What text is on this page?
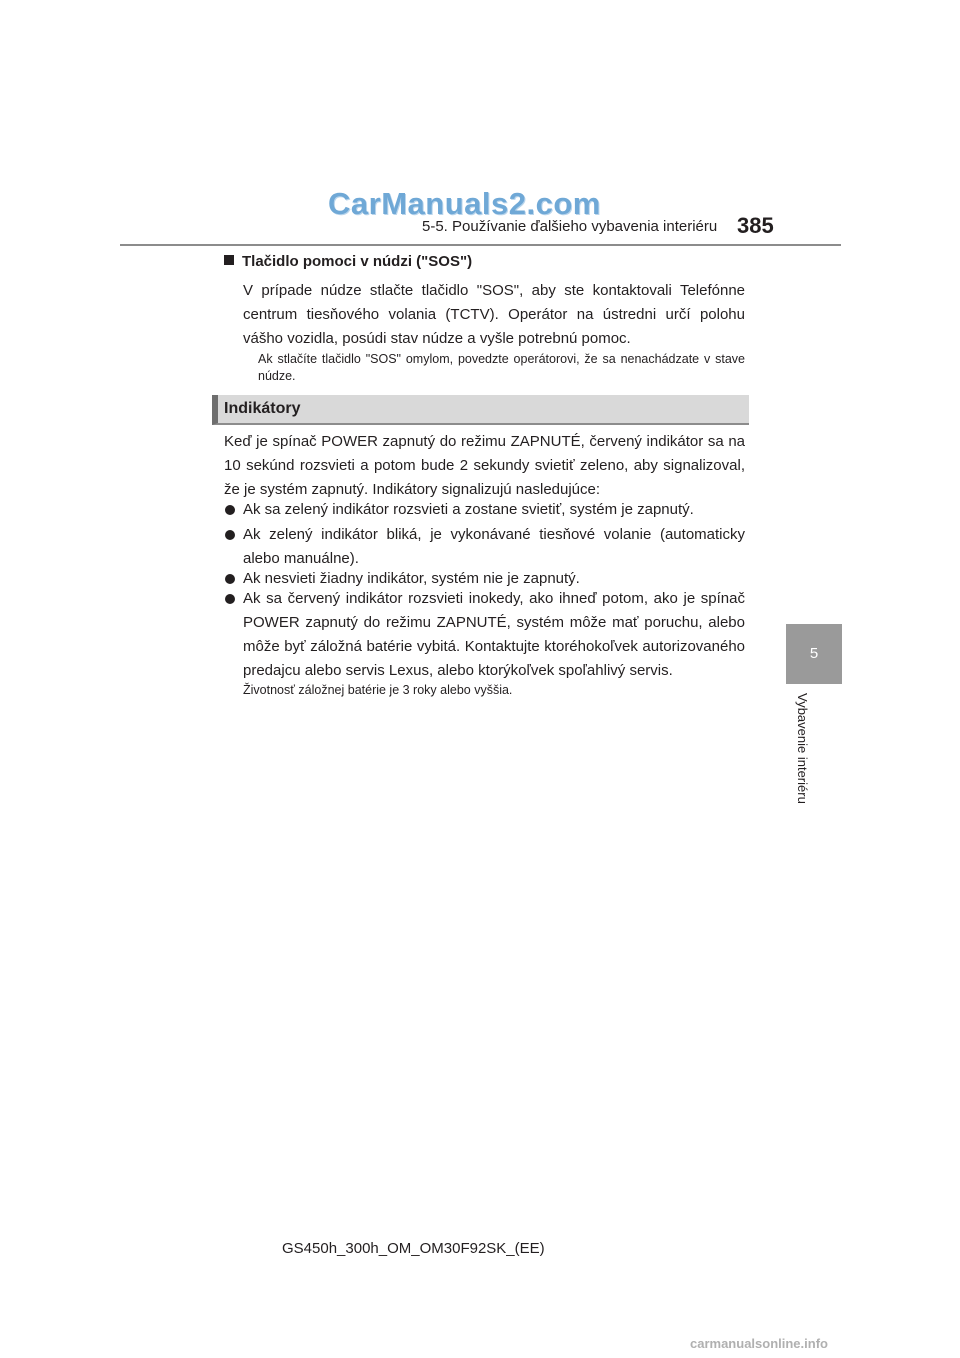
CarManuals2.com
5-5. Používanie ďalšieho vybavenia interiéru 385
5
Vybavenie interiéru
Tlačidlo pomoci v núdzi ("SOS")
V prípade núdze stlačte tlačidlo "SOS", aby ste kontaktovali Telefónne centrum tiesňového volania (TCTV). Operátor na ústredni určí polohu vášho vozidla, posúdi stav núdze a vyšle potrebnú pomoc.
Ak stlačíte tlačidlo "SOS" omylom, povedzte operátorovi, že sa nenachádzate v stave núdze.
Indikátory
Keď je spínač POWER zapnutý do režimu ZAPNUTÉ, červený indikátor sa na 10 sekúnd rozsvieti a potom bude 2 sekundy svietiť zeleno, aby signalizoval, že je systém zapnutý. Indikátory signalizujú nasledujúce:
Ak sa zelený indikátor rozsvieti a zostane svietiť, systém je zapnutý.
Ak zelený indikátor bliká, je vykonávané tiesňové volanie (automaticky alebo manuálne).
Ak nesvieti žiadny indikátor, systém nie je zapnutý.
Ak sa červený indikátor rozsvieti inokedy, ako ihneď potom, ako je spínač POWER zapnutý do režimu ZAPNUTÉ, systém môže mať poruchu, alebo môže byť záložná batérie vybitá. Kontaktujte ktoréhokoľvek autorizovaného predajcu alebo servis Lexus, alebo ktorýkoľvek spoľahlivý servis.
Životnosť záložnej batérie je 3 roky alebo vyššia.
GS450h_300h_OM_OM30F92SK_(EE)
carmanualsonline.info
